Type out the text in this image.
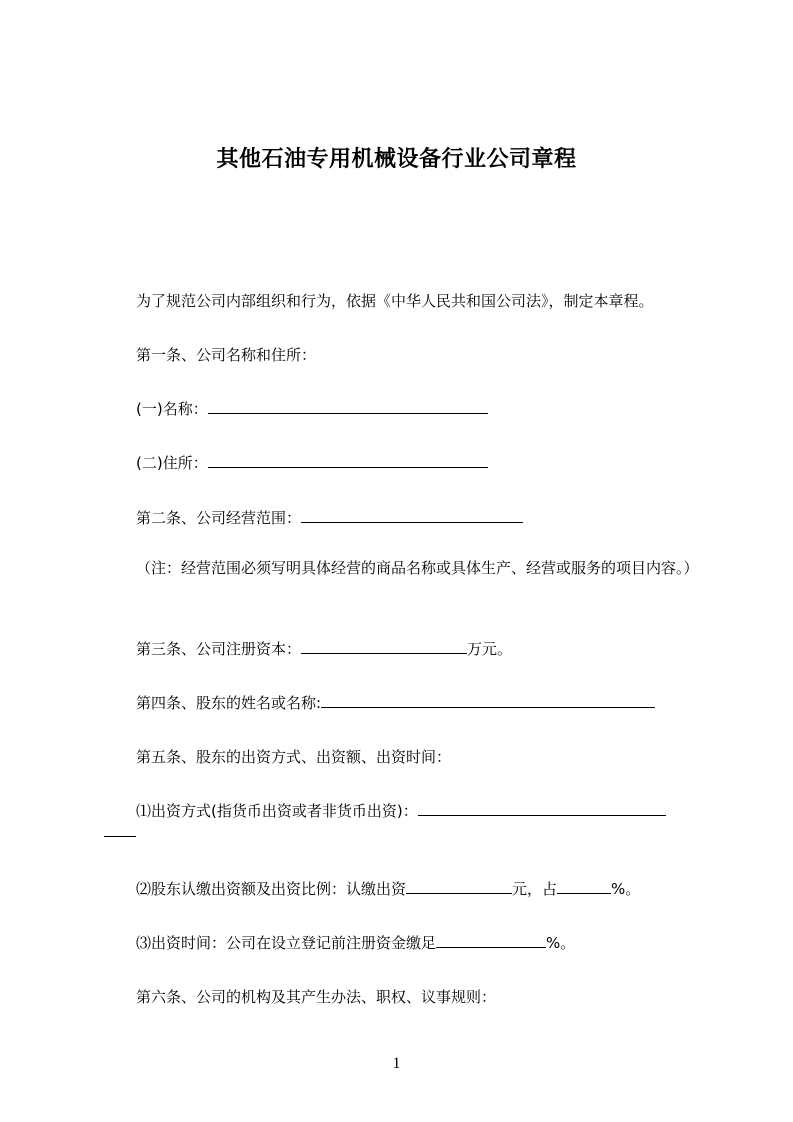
其他石油专用机械设备行业公司章程
为了规范公司内部组织和行为，依据《中华人民共和国公司法》，制定本章程。
第一条、公司名称和住所：
(一)名称：
(二)住所：
第二条、公司经营范围：
（注：经营范围必须写明具体经营的商品名称或具体生产、经营或服务的项目内容。）
第三条、公司注册资本：	万元。
第四条、股东的姓名或名称:
第五条、股东的出资方式、出资额、出资时间：
⑴出资方式(指货币出资或者非货币出资)：
⑵股东认缴出资额及出资比例：认缴出资	元，占	%。
⑶出资时间：公司在设立登记前注册资金缴足	%。
第六条、公司的机构及其产生办法、职权、议事规则：
1
